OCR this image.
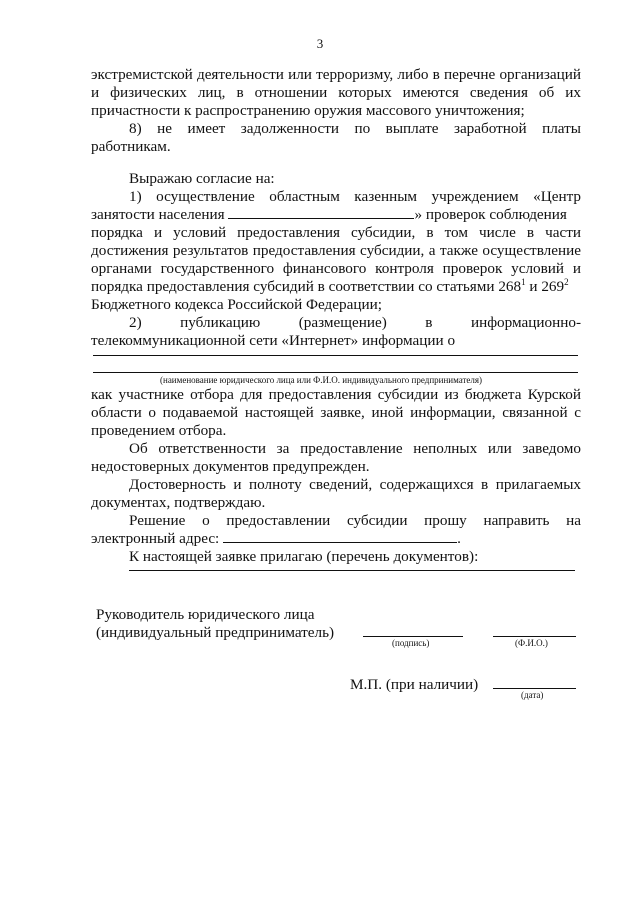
3
экстремистской деятельности или терроризму, либо в перечне организаций
и физических лиц, в отношении которых имеются сведения об их
причастности к распространению оружия массового уничтожения;
8) не имеет задолженности по выплате заработной платы
работникам.
Выражаю согласие на:
1) осуществление областным казенным учреждением «Центр
занятости населения	» проверок соблюдения
порядка и условий предоставления субсидии, в том числе в части
достижения результатов предоставления субсидии, а также осуществление
органами государственного финансового контроля проверок условий и
порядка предоставления субсидий в соответствии со статьями $268^1$ и $269^2$
Бюджетного кодекса Российской Федерации;
2) публикацию (размещение) в информационно-
телекоммуникационной сети «Интернет» информации о
(наименование юридического лица или Ф.И.О. индивидуального предпринимателя)
как участнике отбора для предоставления субсидии из бюджета Курской
области о подаваемой настоящей заявке, иной информации, связанной с
проведением отбора.
Об ответственности за предоставление неполных или заведомо
недостоверных документов предупрежден.
Достоверность и полноту сведений, содержащихся в прилагаемых
документах, подтверждаю.
Решение о предоставлении субсидии прошу направить на
электронный адрес:	.
К настоящей заявке прилагаю (перечень документов):
Руководитель юридического лица
(индивидуальный предприниматель)
(подпись)	(Ф.И.О.)
М.П. (при наличии)
(дата)
